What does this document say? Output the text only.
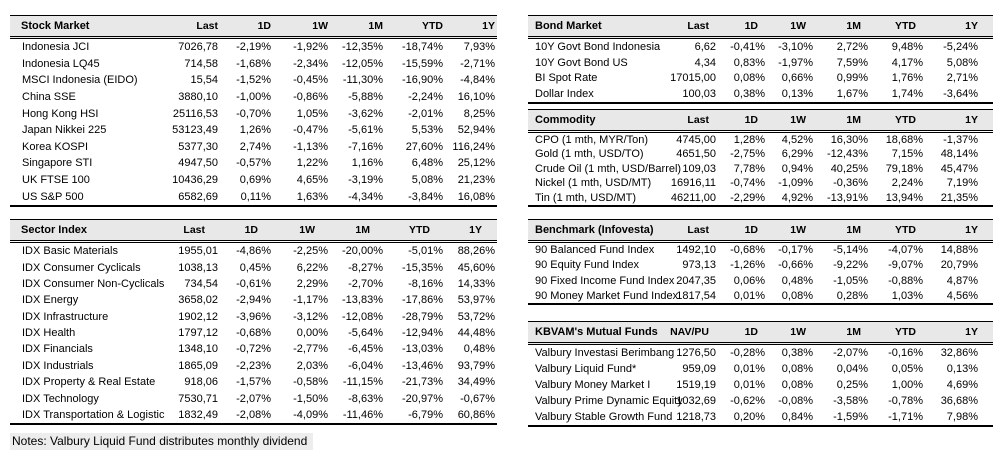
Stock Market	Last	1D	1W	1M	YTD	1Y
Indonesia JCI	7026,78	-2,19%	-1,92%	-12,35%	-18,74%	7,93%
Indonesia LQ45	714,58	-1,68%	-2,34%	-12,05%	-15,59%	-2,71%
MSCI Indonesia (EIDO)	15,54	-1,52%	-0,45%	-11,30%	-16,90%	-4,84%
China SSE	3880,10	-1,00%	-0,86%	-5,88%	-2,24%	16,10%
Hong Kong HSI	25116,53	-0,70%	1,05%	-3,62%	-2,01%	8,25%
Japan Nikkei 225	53123,49	1,26%	-0,47%	-5,61%	5,53%	52,94%
Korea KOSPI	5377,30	2,74%	-1,13%	-7,16%	27,60%	116,24%
Singapore STI	4947,50	-0,57%	1,22%	1,16%	6,48%	25,12%
UK FTSE 100	10436,29	0,69%	4,65%	-3,19%	5,08%	21,23%
US S&P 500	6582,69	0,11%	1,63%	-4,34%	-3,84%	16,08%
Sector Index	Last	1D	1W	1M	YTD	1Y
IDX Basic Materials	1955,01	-4,86%	-2,25%	-20,00%	-5,01%	88,26%
IDX Consumer Cyclicals	1038,13	0,45%	6,22%	-8,27%	-15,35%	45,60%
IDX Consumer Non-Cyclicals	734,54	-0,61%	2,29%	-2,70%	-8,16%	14,33%
IDX Energy	3658,02	-2,94%	-1,17%	-13,83%	-17,86%	53,97%
IDX Infrastructure	1902,12	-3,96%	-3,12%	-12,08%	-28,79%	53,72%
IDX Health	1797,12	-0,68%	0,00%	-5,64%	-12,94%	44,48%
IDX Financials	1348,10	-0,72%	-2,77%	-6,45%	-13,03%	0,48%
IDX Industrials	1865,09	-2,23%	2,03%	-6,04%	-13,46%	93,79%
IDX Property & Real Estate	918,06	-1,57%	-0,58%	-11,15%	-21,73%	34,49%
IDX Technology	7530,71	-2,07%	-1,50%	-8,63%	-20,97%	-0,67%
IDX Transportation & Logistic	1832,49	-2,08%	-4,09%	-11,46%	-6,79%	60,86%
Notes: Valbury Liquid Fund distributes monthly dividend
Bond Market	Last	1D	1W	1M	YTD	1Y
10Y Govt Bond Indonesia	6,62	-0,41%	-3,10%	2,72%	9,48%	-5,24%
10Y Govt Bond US	4,34	0,83%	-1,97%	7,59%	4,17%	5,08%
BI Spot Rate	17015,00	0,08%	0,66%	0,99%	1,76%	2,71%
Dollar Index	100,03	0,38%	0,13%	1,67%	1,74%	-3,64%
Commodity	Last	1D	1W	1M	YTD	1Y
CPO (1 mth, MYR/Ton)	4745,00	1,28%	4,52%	16,30%	18,68%	-1,37%
Gold (1 mth, USD/TO)	4651,50	-2,75%	6,29%	-12,43%	7,15%	48,14%
Crude Oil (1 mth, USD/Barrel)	109,03	7,78%	0,94%	40,25%	79,18%	45,47%
Nickel (1 mth, USD/MT)	16916,11	-0,74%	-1,09%	-0,36%	2,24%	7,19%
Tin (1 mth, USD/MT)	46211,00	-2,29%	4,92%	-13,91%	13,94%	21,35%
Benchmark (Infovesta)	Last	1D	1W	1M	YTD	1Y
90 Balanced Fund Index	1492,10	-0,68%	-0,17%	-5,14%	-4,07%	14,88%
90 Equity Fund Index	973,13	-1,26%	-0,66%	-9,22%	-9,07%	20,79%
90 Fixed Income Fund Index	2047,35	0,06%	0,48%	-1,05%	-0,88%	4,87%
90 Money Market Fund Index	1817,54	0,01%	0,08%	0,28%	1,03%	4,56%
KBVAM's Mutual Funds	NAV/PU	1D	1W	1M	YTD	1Y
Valbury Investasi Berimbang	1276,50	-0,28%	0,38%	-2,07%	-0,16%	32,86%
Valbury Liquid Fund*	959,09	0,01%	0,08%	0,04%	0,05%	0,13%
Valbury Money Market I	1519,19	0,01%	0,08%	0,25%	1,00%	4,69%
Valbury Prime Dynamic Equity	1032,69	-0,62%	-0,08%	-3,58%	-0,78%	36,68%
Valbury Stable Growth Fund	1218,73	0,20%	0,84%	-1,59%	-1,71%	7,98%
